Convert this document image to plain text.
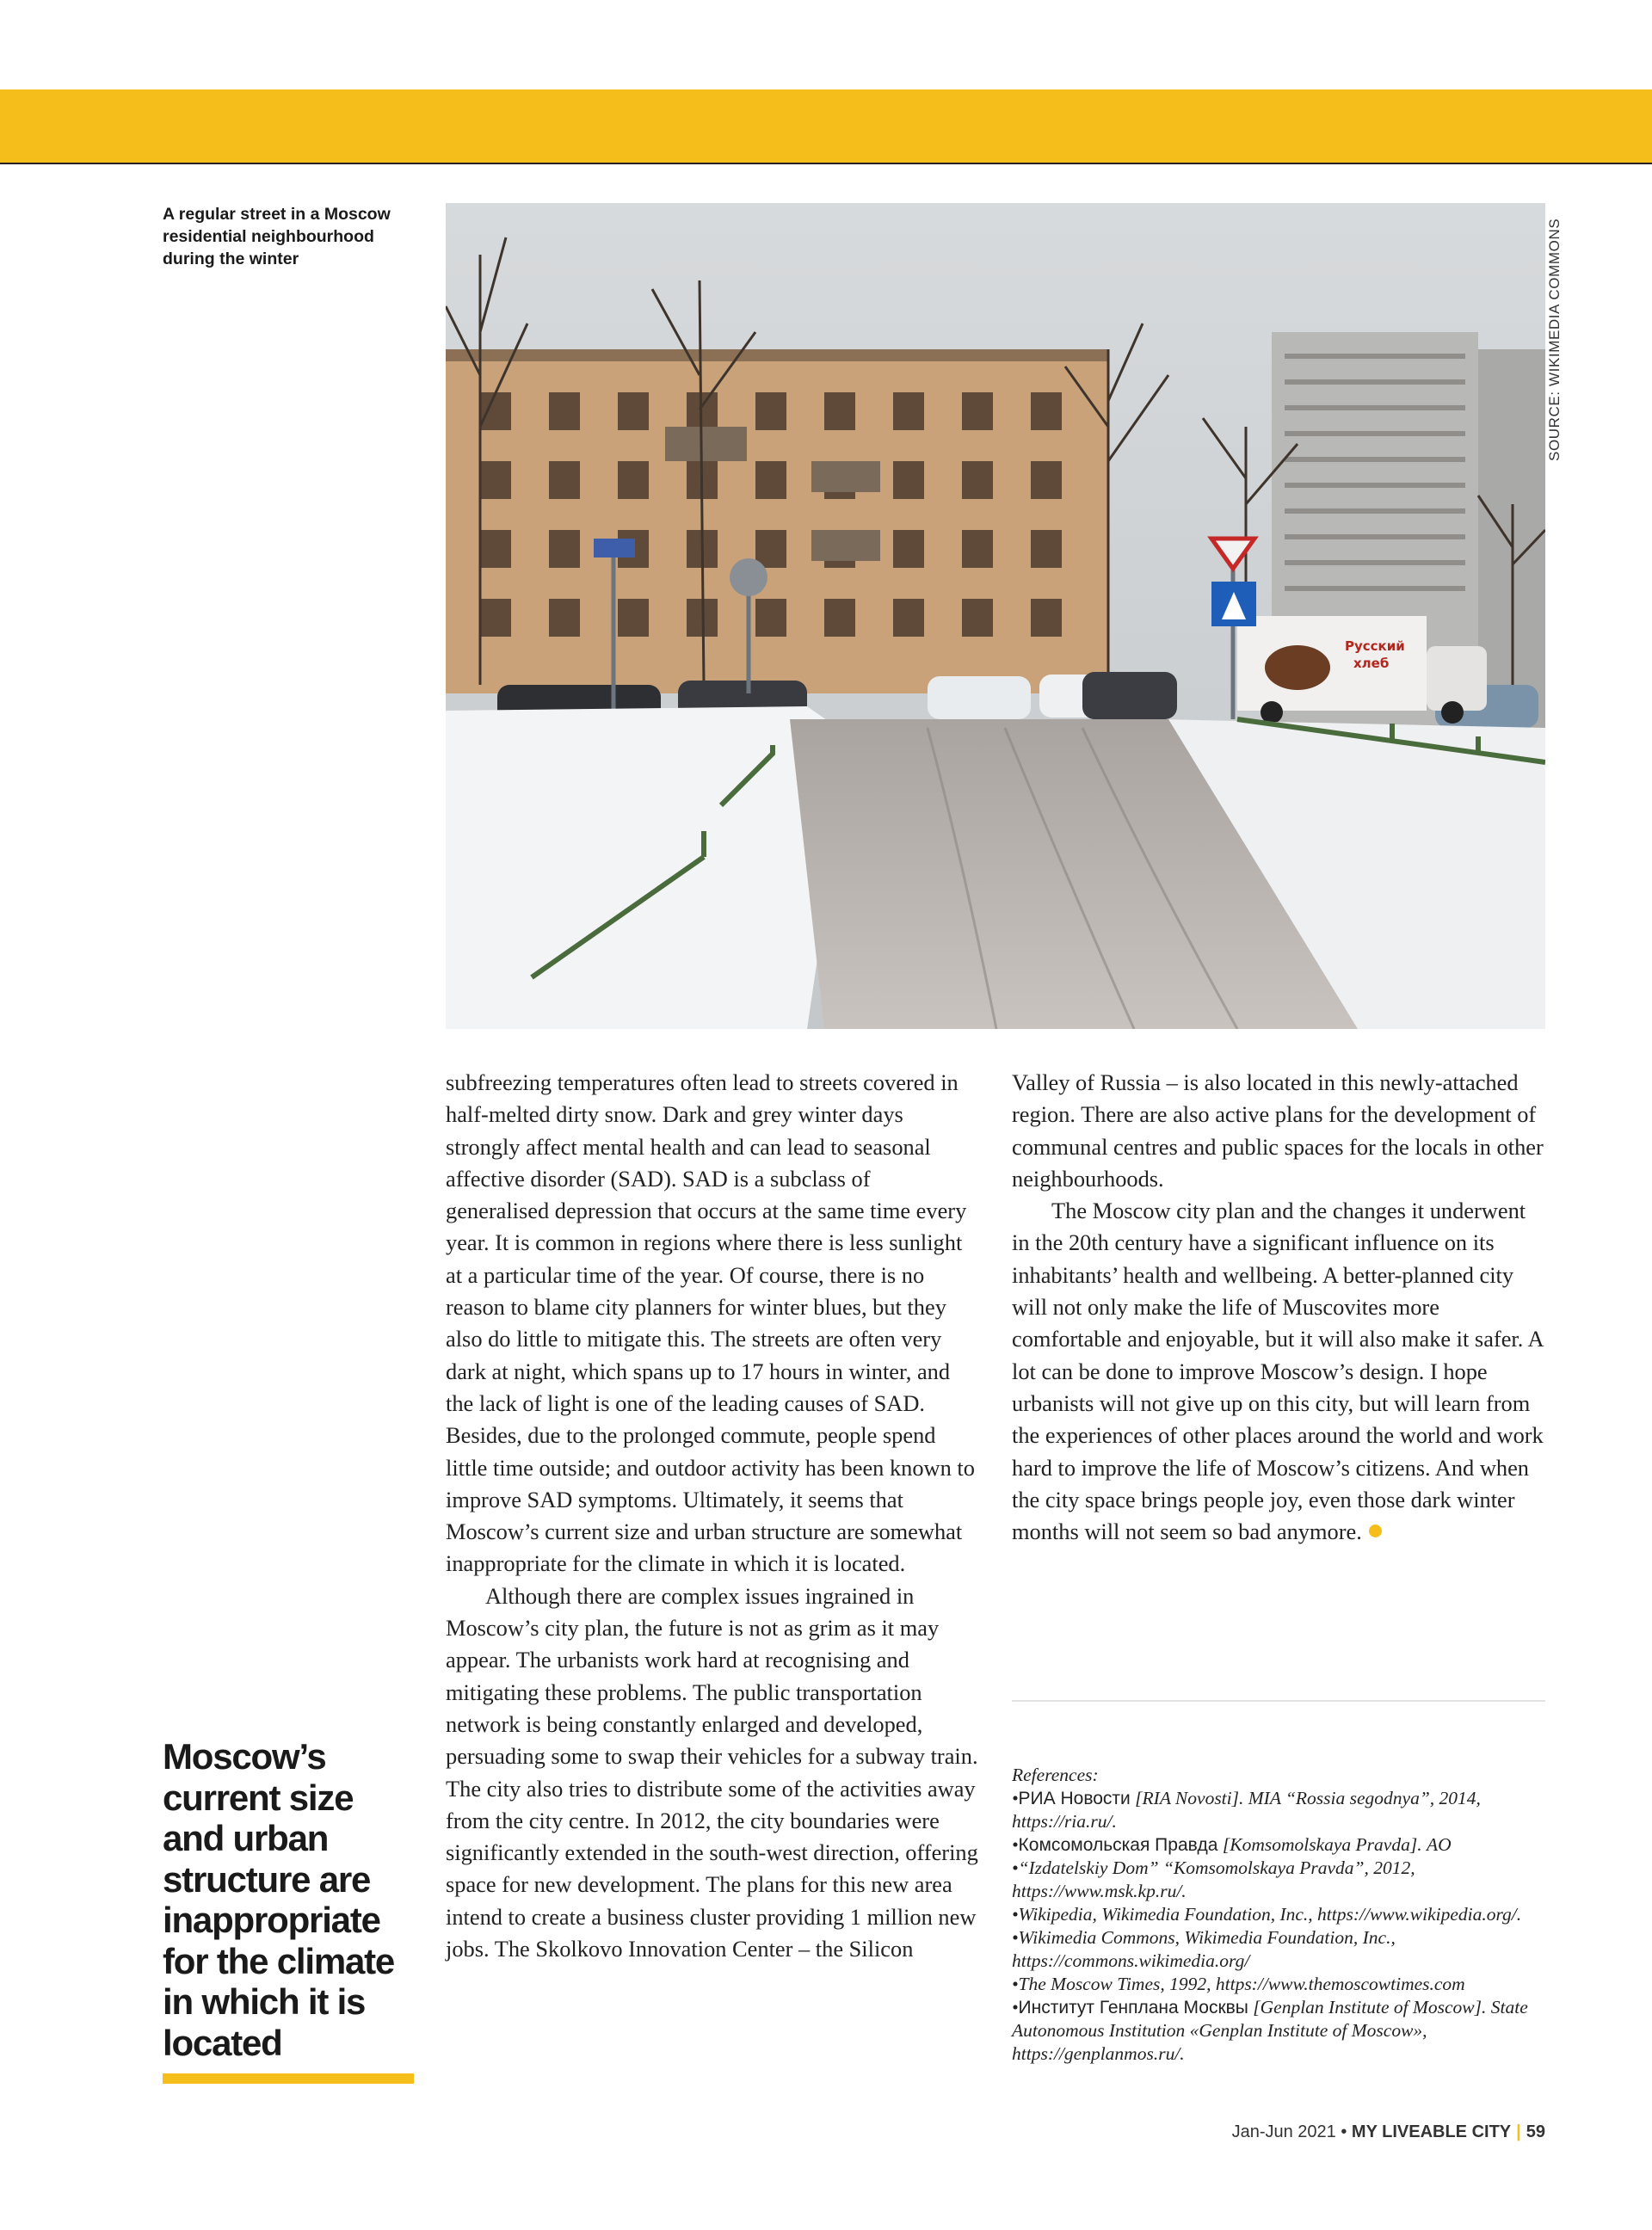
A regular street in a Moscow residential neighbourhood during the winter	SOURCE: WIKIMEDIA COMMONS
Русский
хлеб

subfreezing temperatures often lead to streets covered in half-melted dirty snow. Dark and grey winter days strongly affect mental health and can lead to seasonal affective disorder (SAD). SAD is a subclass of generalised depression that occurs at the same time every year. It is common in regions where there is less sunlight at a particular time of the year. Of course, there is no reason to blame city planners for winter blues, but they also do little to mitigate this. The streets are often very dark at night, which spans up to 17 hours in winter, and the lack of light is one of the leading causes of SAD. Besides, due to the prolonged commute, people spend little time outside; and outdoor activity has been known to improve SAD symptoms. Ultimately, it seems that Moscow’s current size and urban structure are somewhat inappropriate for the climate in which it is located.

Although there are complex issues ingrained in Moscow’s city plan, the future is not as grim as it may appear. The urbanists work hard at recognising and mitigating these problems. The public transportation network is being constantly enlarged and developed, persuading some to swap their vehicles for a subway train. The city also tries to distribute some of the activities away from the city centre. In 2012, the city boundaries were significantly extended in the south-west direction, offering space for new development. The plans for this new area intend to create a business cluster providing 1 million new jobs. The Skolkovo Innovation Center – the Silicon

Valley of Russia – is also located in this newly-attached region. There are also active plans for the development of communal centres and public spaces for the locals in other neighbourhoods.

The Moscow city plan and the changes it underwent in the 20th century have a significant influence on its inhabitants’ health and wellbeing. A better-planned city will not only make the life of Muscovites more comfortable and enjoyable, but it will also make it safer. A lot can be done to improve Moscow’s design. I hope urbanists will not give up on this city, but will learn from the experiences of other places around the world and work hard to improve the life of Moscow’s citizens. And when the city space brings people joy, even those dark winter months will not seem so bad anymore.

References:
•РИА Новости [RIA Novosti]. MIA “Rossia segodnya”, 2014, https://ria.ru/.
•Комсомольская Правда [Komsomolskaya Pravda]. AO
•“Izdatelskiy Dom” “Komsomolskaya Pravda”, 2012, https://www.msk.kp.ru/.
•Wikipedia, Wikimedia Foundation, Inc., https://www.wikipedia.org/.
•Wikimedia Commons, Wikimedia Foundation, Inc., https://commons.wikimedia.org/
•The Moscow Times, 1992, https://www.themoscowtimes.com
•Институт Генплана Москвы [Genplan Institute of Moscow]. State Autonomous Institution «Genplan Institute of Moscow», https://genplanmos.ru/.
Moscow’s current size and urban structure are inappropriate for the climate in which it is located
Jan-Jun 2021 • MY LIVEABLE CITY | 59
